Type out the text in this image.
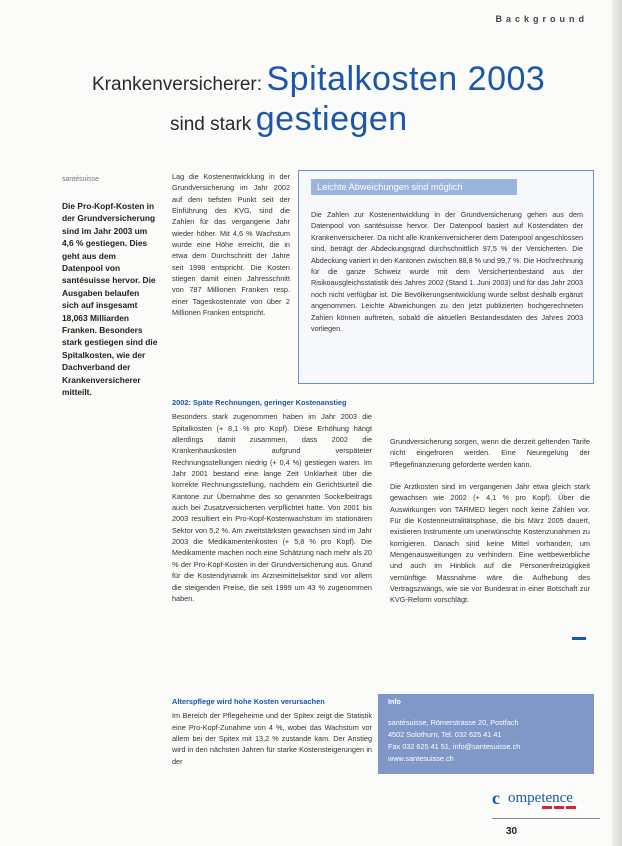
Background
Krankenversicherer: Spitalkosten 2003
sind stark gestiegen
santésuisse
Die Pro-Kopf-Kosten in der Grundversicherung sind im Jahr 2003 um 4,6 % gestiegen. Dies geht aus dem Datenpool von santésuisse hervor. Die Ausgaben belaufen sich auf insgesamt 18,063 Milliarden Franken. Besonders stark gestiegen sind die Spitalkosten, wie der Dachverband der Krankenversicherer mitteilt.

Lag die Kostenentwicklung in der Grundversicherung im Jahr 2002 auf dem tiefsten Punkt seit der Einführung des KVG, sind die Zahlen für das vergangene Jahr wieder höher. Mit 4,6 % Wachstum wurde eine Höhe erreicht, die in etwa dem Durchschnitt der Jahre seit 1998 entspricht. Die Kosten stiegen damit einen Jahresschnitt von 787 Millionen Franken resp. einer Tageskostenrate von über 2 Millionen Franken entspricht.

Leichte Abweichungen sind möglich
Die Zahlen zur Kostenentwicklung in der Grundversicherung gehen aus dem Datenpool von santésuisse hervor. Der Datenpool basiert auf Kostendaten der Krankenversicherer. Da nicht alle Krankenversicherer dem Datenpool angeschlossen sind, beträgt der Abdeckungsgrad durchschnittlich 97,5 % der Versicherten. Die Abdeckung variiert in den Kantonen zwischen 88,8 % und 99,7 %. Die Hochrechnung für die ganze Schweiz wurde mit dem Versichertenbestand aus der Risikoausgleichsstatistik des Jahres 2002 (Stand 1. Juni 2003) und für das Jahr 2003 noch nicht verfügbar ist. Die Bevölkerungsentwicklung wurde selbst deshalb ergänzt angenommen. Leichte Abweichungen zu den jetzt publizierten hochgerechneten Zahlen können auftreten, sobald die aktuellen Bestandesdaten des Jahres 2003 vorliegen.
2002: Späte Rechnungen, geringer Kostenanstieg

Besonders stark zugenommen haben im Jahr 2003 die Spitalkosten (+ 8,1 % pro Kopf). Diese Erhöhung hängt allerdings damit zusammen, dass 2002 die Krankenhauskosten aufgrund verspäteter Rechnungsstellungen niedrig (+ 0,4 %) gestiegen waren. Im Jahr 2001 bestand eine lange Zeit Unklarheit über die korrekte Rechnungsstellung, nachdem ein Gerichtsurteil die Kantone zur Übernahme des so genannten Sockelbeitrags auch bei Zusatzversicherten verpflichtet hatte. Von 2001 bis 2003 resultiert ein Pro-Kopf-Kostenwachstum im stationären Sektor von 5,2 %. Am zweitstärksten gewachsen sind im Jahr 2003 die Medikamentenkosten (+ 5,8 % pro Kopf). Die Medikamente machen noch eine Schätzung nach mehr als 20 % der Pro-Kopf-Kosten in der Grundversicherung aus. Grund für die Kostendynamik im Arzneimittelsektor sind vor allem die steigenden Preise, die seit 1999 um 43 % zugenommen haben.

Alterspflege wird hohe Kosten verursachen

Im Bereich der Pflegeheime und der Spitex zeigt die Statistik eine Pro-Kopf-Zunahme von 4 %, wobei das Wachstum vor allem bei der Spitex mit 13,2 % zustande kam. Der Anstieg wird in den nächsten Jahren für starke Kostensteigerungen in der

Grundversicherung sorgen, wenn die derzeit geltenden Tarife nicht eingefroren werden. Eine Neuregelung der Pflegefinanzierung geforderte werden kann.

Die Arztkosten sind im vergangenen Jahr etwa gleich stark gewachsen wie 2002 (+ 4,1 % pro Kopf). Über die Auswirkungen von TARMED liegen noch keine Zahlen vor. Für die Kostenneutralitätsphase, die bis März 2005 dauert, existieren Instrumente um unerwünschte Kostenzunahmen zu korrigieren. Danach sind keine Mittel vorhanden, um Mengenausweitungen zu verhindern. Eine wettbewerbliche und auch im Hinblick auf die Personenfreizügigkeit vernünftige Massnahme wäre die Aufhebung des Vertragszwangs, wie sie vor Bundesrat in einer Botschaft zur KVG-Reform vorschlägt.

Info
santésuisse, Römerstrasse 20, Postfach
4502 Solothurn, Tel. 032 625 41 41
Fax 032 625 41 51, info@santesuisse.ch
www.santesuisse.ch
c ompetence
30
